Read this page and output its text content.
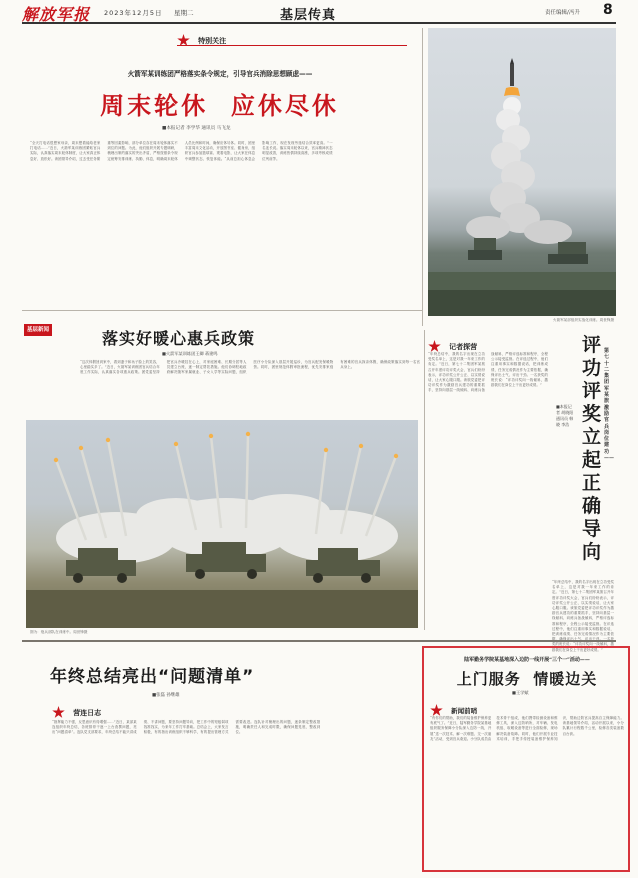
解放军报 2023年12月5日 星期二	基层传真	责任编辑/冯升 8
特别关注
火箭军某训练团严格落实条令规定，引导官兵消除思想顾虑——
周末轮休  应休尽休
■本报记者 李学华 通讯员 马飞龙
“全天打电话很想家母亲，周末想着能给老家打电话……”近日，火箭军某训练团紧贴官兵实际，认真落实周末轮休制度，让大家真正休息好、放松好。该团领导介绍，过去受任务繁重等因素影响，部分单位存在周末轮休落实不到位的问题。为此，他们组织开展专题调研，梳理出制约落实的突出矛盾，严格按照条令规定统筹安排训练、执勤、休息，明确周末轮休人员比例和时间，确保应休尽休。同时，团里丰富周末文化活动，开放图书室、健身房，组织官兵参加篮球赛、观看电影，让大家在休息中调整状态、恢复体能。“从前总担心休息会影响工作，现在发现劳逸结合效率更高。”一名连长说。落实周末轮休以来，官兵精神状态明显改善，训练热情持续高涨，多项考核成绩位列前茅。
火箭军某部组织实战化训练。周世锋摄
基层新闻	落实好暖心惠兵政策
■火箭军某训练团王卿 蒋建鸣
“这次休假回到家中，看到妻子和孩子脸上的笑容，心里踏实多了。”近日，火箭军某训练团官兵结合年底工作实际，认真落实各项惠兵政策。团党委坚持把官兵冷暖挂在心上，对家庭困难、长期分居等人员建立台账，逐一制定帮扶措施。他们协调驻地政府解决随军家属就业、子女入学等实际问题，组织医疗小分队深入基层开展巡诊，为官兵配发保暖物资。同时，团里规范休假审批流程，优先安排家庭有困难的官兵探亲休假，确保政策落实到每一名官兵身上。
图为：炮兵部队在训练中。周世锋摄
记者探营	评功评奖立起正确导向
第七十二集团军某旅激励官兵岗位建功——
■本报记者 胡晓阳 通讯员 韩晓 李浩
“年终总结中，我的名字出现在立功受奖名单上，这是对我一年来工作的肯定。”近日，第七十二集团军某旅召开年度评功评奖大会，官兵们纷纷表示，评功评奖公开公正、以实绩说话，让大家心服口服。该旅党委把评功评奖作为激励官兵建功的重要抓手，坚持向基层一线倾斜、向练兵备战倾斜，严格评选标准和程序，全程公示接受监督。在评选过程中，他们注重用事实和数据说话，把训练成绩、任务完成情况作为主要依据，确保评出士气、评出干劲。一名获奖的班长说：“评功评奖向一线倾斜，激励我们在岗位上干出更好成绩。”
“年终总结中，我的名字出现在立功受奖名单上，这是对我一年来工作的肯定。”近日，第七十二集团军某旅召开年度评功评奖大会，官兵们纷纷表示，评功评奖公开公正、以实绩说话，让大家心服口服。该旅党委把评功评奖作为激励官兵建功的重要抓手，坚持向基层一线倾斜、向练兵备战倾斜，严格评选标准和程序，全程公示接受监督。在评选过程中，他们注重用事实和数据说话，把训练成绩、任务完成情况作为主要依据，确保评出士气、评出干劲。一名获奖的班长说：“评功评奖向一线倾斜，激励我们在岗位上干出更好成绩。”
年终总结亮出“问题清单”
■张磊 孙继雄
营连日志
“指挥能力不强，反思意识有待增强……”近日，某部某连组织年终总结，各班排骨干逐一上台查摆问题，亮出“问题清单”。连队党支部要求，年终总结不能只讲成绩、不讲问题，要坚持问题导向，把工作中的短板弱项找准找实，为来年工作打牢基础。总结会上，大家发言积极，有的指出训练组织不够科学，有的提出管理方式需要改进。连队针对梳理出的问题，逐条制定整改措施，明确责任人和完成时限，确保问题见底、整改到位。
陆军勤务学院某基地深入边防一线开展“三个一”活动——
上门服务  情暖边关
■王学赋
新闻前哨
“有你们的帮助，我们的装备维护保养更有底气了。”近日，陆军勤务学院某基地组织服务保障小分队深入边防一线，开展“送一次技术、解一次难题、交一次朋友”活动，受到官兵欢迎。小分队成员由技术骨干组成，他们携带检测设备和维修工具，深入边防哨所，对车辆、发电机组、取暖设备等进行全面检修，现场解决装备故障。同时，他们开展专业技术培训，手把手传授装备维护保养知识，帮助边防官兵提高自主保障能力。该基地领导介绍，活动开展以来，小分队累计行程数千公里，检修各类装备数百台套。
